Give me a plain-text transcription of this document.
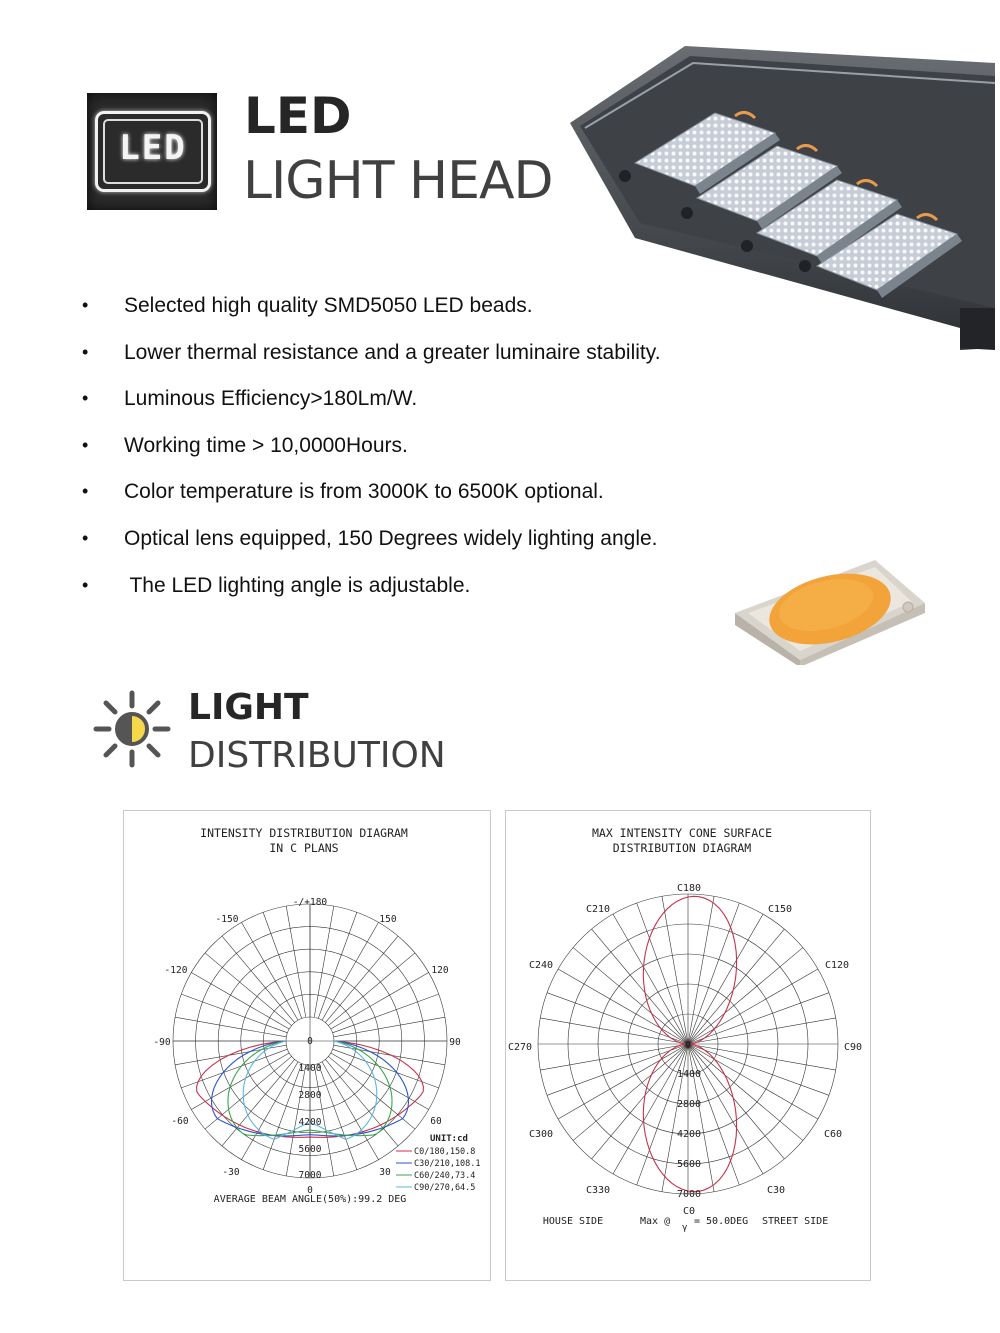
LED
LED
LIGHT HEAD
• Selected high quality SMD5050 LED beads.
• Lower thermal resistance and a greater luminaire stability.
• Luminous Efficiency>180Lm/W.
• Working time > 10,0000Hours.
• Color temperature is from 3000K to 6500K optional.
• Optical lens equipped, 150 Degrees widely lighting angle.
• The LED lighting angle is adjustable.
LIGHT
DISTRIBUTION
INTENSITY DISTRIBUTION DIAGRAM
IN C PLANS
-/+180
-150	150
-120	120
-90	90
-60	60
-30	30
0
0
1400
2800
4200
5600
7000
UNIT:cd
C0/180,150.8
C30/210,108.1
C60/240,73.4
C90/270,64.5
AVERAGE BEAM ANGLE(50%):99.2 DEG
MAX INTENSITY CONE SURFACE
DISTRIBUTION DIAGRAM
C180
C210	C150
C240	C120
C270	C90
C300	C60
C330	C30
C0
0
1400
2800
4200
5600
7000
HOUSE SIDE	Max @
γ
= 50.0DEG STREET SIDE
